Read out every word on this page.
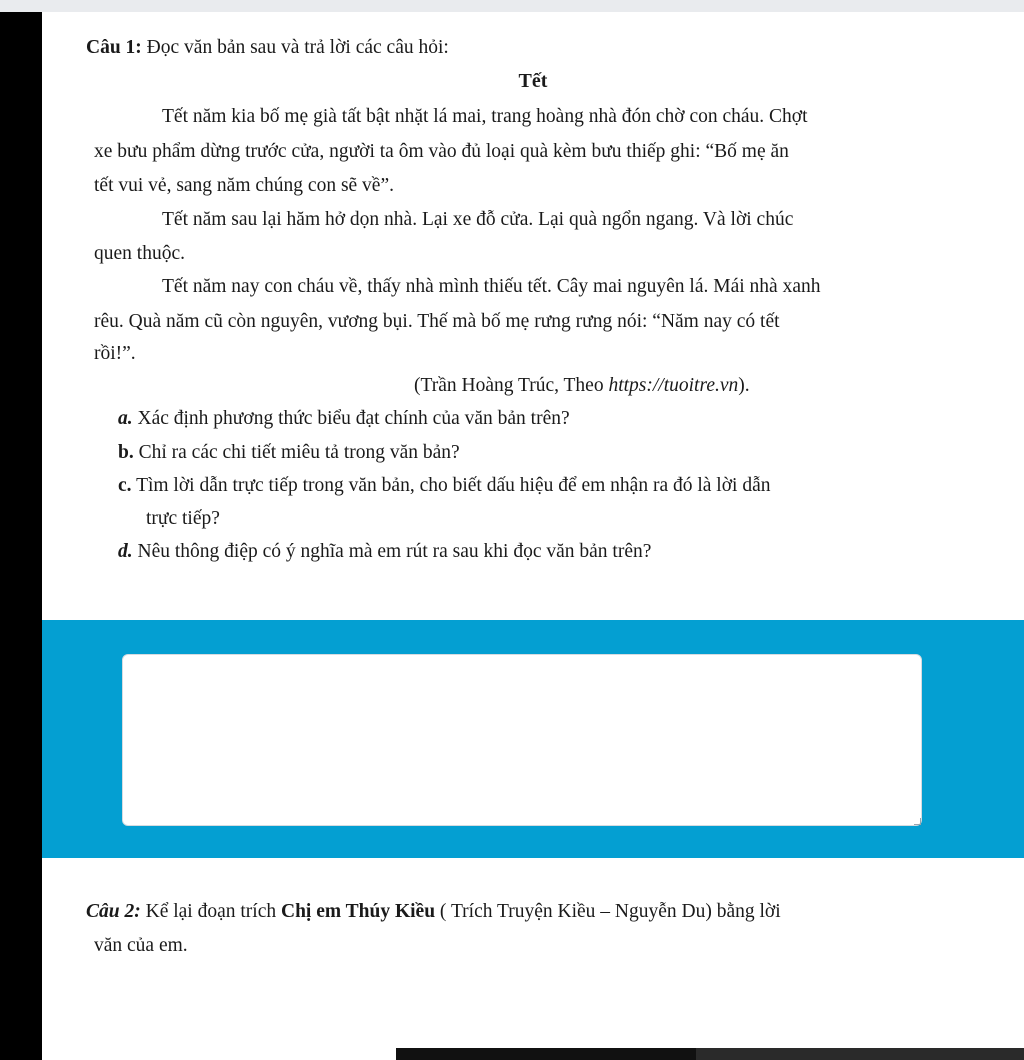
Câu 1: Đọc văn bản sau và trả lời các câu hỏi:
Tết
Tết năm kia bố mẹ già tất bật nhặt lá mai, trang hoàng nhà đón chờ con cháu. Chợt
xe bưu phẩm dừng trước cửa, người ta ôm vào đủ loại quà kèm bưu thiếp ghi: “Bố mẹ ăn
tết vui vẻ, sang năm chúng con sẽ về”.
Tết năm sau lại hăm hở dọn nhà. Lại xe đỗ cửa. Lại quà ngổn ngang. Và lời chúc
quen thuộc.
Tết năm nay con cháu về, thấy nhà mình thiếu tết. Cây mai nguyên lá. Mái nhà xanh
rêu. Quà năm cũ còn nguyên, vương bụi. Thế mà bố mẹ rưng rưng nói: “Năm nay có tết
rồi!”.
(Trần Hoàng Trúc, Theo https://tuoitre.vn).
a. Xác định phương thức biểu đạt chính của văn bản trên?
b. Chỉ ra các chi tiết miêu tả trong văn bản?
c. Tìm lời dẫn trực tiếp trong văn bản, cho biết dấu hiệu để em nhận ra đó là lời dẫn
trực tiếp?
d. Nêu thông điệp có ý nghĩa mà em rút ra sau khi đọc văn bản trên?
Câu 2: Kể lại đoạn trích Chị em Thúy Kiều ( Trích Truyện Kiều – Nguyễn Du) bằng lời
văn của em.
